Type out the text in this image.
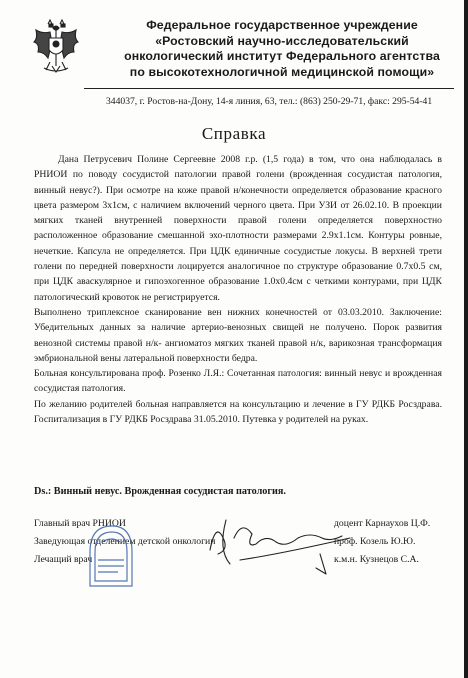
Федеральное государственное учреждение
«Ростовский научно-исследовательский
онкологический институт Федерального агентства
по высокотехнологичной медицинской помощи»
344037, г. Ростов-на-Дону, 14-я линия, 63, тел.: (863) 250-29-71, факс: 295-54-41
Справка

Дана Петрусевич Полине Сергеевне 2008 г.р. (1,5 года) в том, что она наблюдалась в РНИОИ по поводу сосудистой патологии правой голени (врожденная сосудистая патология, винный невус?). При осмотре на коже правой н/конечности определяется образование красного цвета размером 3х1см, с наличием включений черного цвета. При УЗИ от 26.02.10. В проекции мягких тканей внутренней поверхности правой голени определяется поверхностно расположенное образование смешанной эхо-плотности размерами 2.9х1.1см. Контуры ровные, нечеткие. Капсула не определяется. При ЦДК единичные сосудистые локусы. В верхней трети голени по передней поверхности лоцируется аналогичное по структуре образование 0.7х0.5 см, при ЦДК аваскулярное и гипоэхогенное образование 1.0х0.4см с четкими контурами, при ЦДК патологический кровоток не регистрируется.

Выполнено триплексное сканирование вен нижних конечностей от 03.03.2010. Заключение: Убедительных данных за наличие артерио-венозных свищей не получено. Порок развития венозной системы правой н/к- ангиоматоз мягких тканей правой н/к, варикозная трансформация эмбриональной вены латеральной поверхности бедра.

Больная консультирована проф. Розенко Л.Я.: Сочетанная патология: винный невус и врожденная сосудистая патология.

По желанию родителей больная направляется на консультацию и лечение в ГУ РДКБ Росздрава. Госпитализация в ГУ РДКБ Росздрава 31.05.2010. Путевка у родителей на руках.

Ds.: Винный невус. Врожденная сосудистая патология.
Главный врач РНИОИ	доцент Карнаухов Ц.Ф.
Заведующая отделением детской онкологии	проф. Козель Ю.Ю.
Лечащий врач	к.м.н. Кузнецов С.А.
